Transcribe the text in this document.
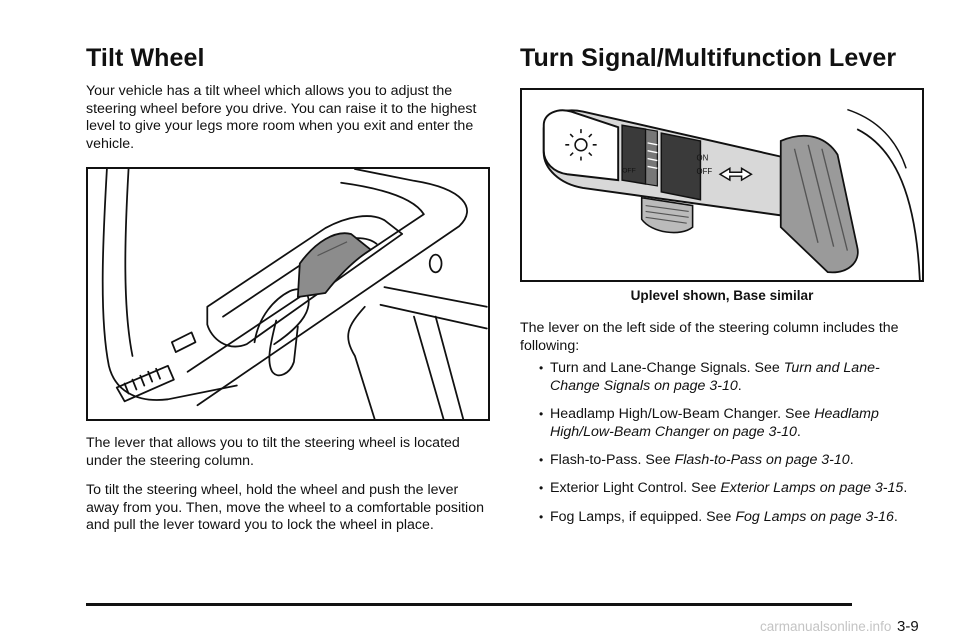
Tilt Wheel

Your vehicle has a tilt wheel which allows you to adjust the steering wheel before you drive. You can raise it to the highest level to give your legs more room when you exit and enter the vehicle.

The lever that allows you to tilt the steering wheel is located under the steering column.

To tilt the steering wheel, hold the wheel and push the lever away from you. Then, move the wheel to a comfortable position and pull the lever toward you to lock the wheel in place.

Turn Signal/Multifunction Lever
ON
OFF
OFF
Uplevel shown, Base similar

The lever on the left side of the steering column includes the following:

• Turn and Lane-Change Signals. See Turn and Lane-Change Signals on page 3-10.
• Headlamp High/Low-Beam Changer. See Headlamp High/Low-Beam Changer on page 3-10.
• Flash-to-Pass. See Flash-to-Pass on page 3-10.
• Exterior Light Control. See Exterior Lamps on page 3-15.
• Fog Lamps, if equipped. See Fog Lamps on page 3-16.
carmanualsonline.info 3-9
